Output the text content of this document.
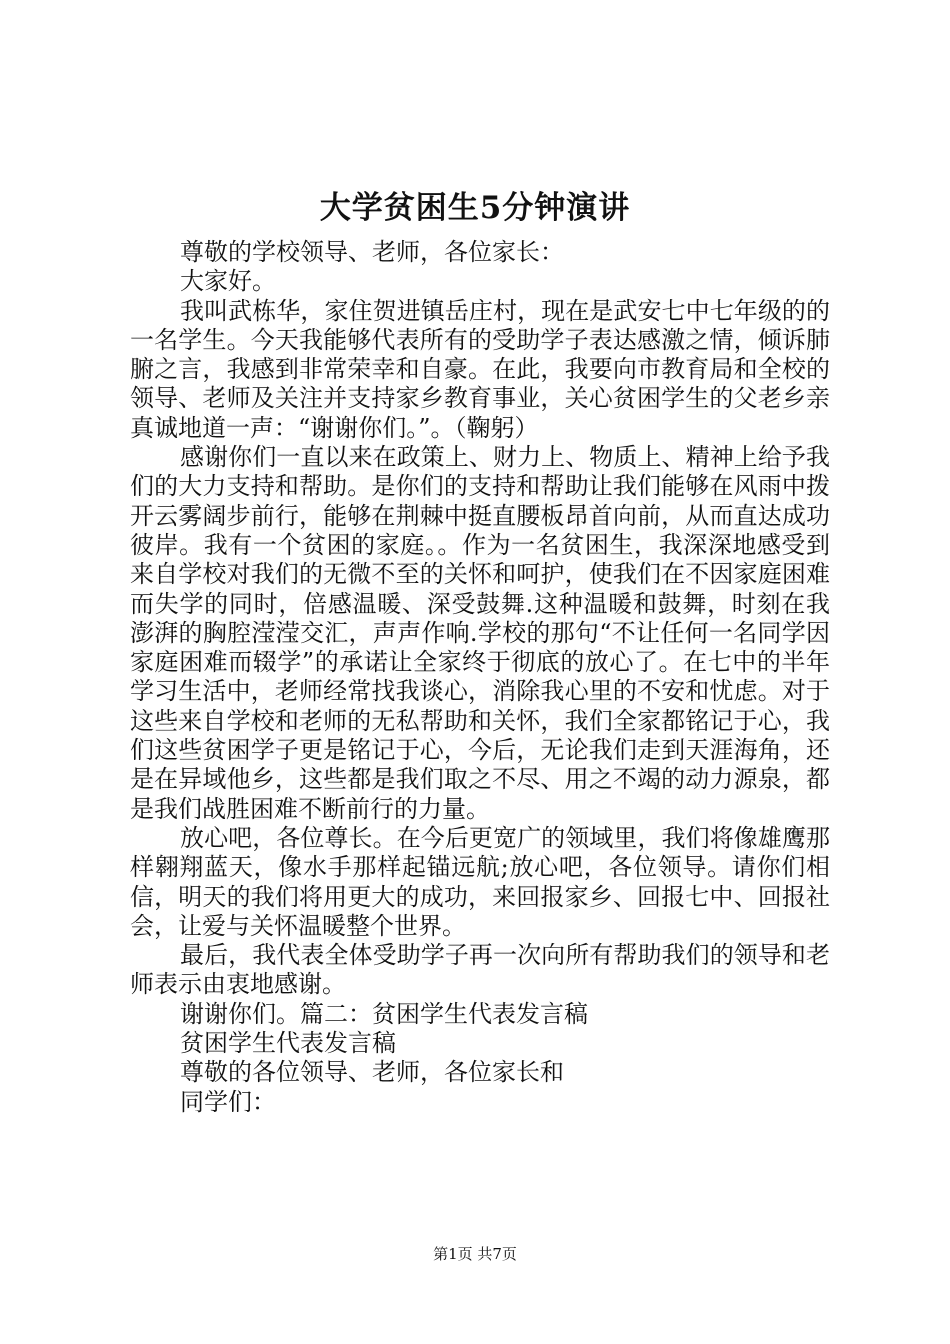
大学贫困生5分钟演讲

尊敬的学校领导、老师，各位家长：

大家好。

我叫武栋华，家住贺进镇岳庄村，现在是武安七中七年级的的一名学生。今天我能够代表所有的受助学子表达感激之情，倾诉肺腑之言，我感到非常荣幸和自豪。在此，我要向市教育局和全校的领导、老师及关注并支持家乡教育事业，关心贫困学生的父老乡亲真诚地道一声：“谢谢你们。”。（鞠躬）

感谢你们一直以来在政策上、财力上、物质上、精神上给予我们的大力支持和帮助。是你们的支持和帮助让我们能够在风雨中拨开云雾阔步前行，能够在荆棘中挺直腰板昂首向前，从而直达成功彼岸。我有一个贫困的家庭。。作为一名贫困生，我深深地感受到来自学校对我们的无微不至的关怀和呵护，使我们在不因家庭困难而失学的同时，倍感温暖、深受鼓舞.这种温暖和鼓舞，时刻在我澎湃的胸腔滢滢交汇，声声作响.学校的那句“不让任何一名同学因家庭困难而辍学”的承诺让全家终于彻底的放心了。在七中的半年学习生活中，老师经常找我谈心，消除我心里的不安和忧虑。对于这些来自学校和老师的无私帮助和关怀，我们全家都铭记于心，我们这些贫困学子更是铭记于心，今后，无论我们走到天涯海角，还是在异域他乡，这些都是我们取之不尽、用之不竭的动力源泉，都是我们战胜困难不断前行的力量。

放心吧，各位尊长。在今后更宽广的领域里，我们将像雄鹰那样翱翔蓝天，像水手那样起锚远航;放心吧，各位领导。请你们相信，明天的我们将用更大的成功，来回报家乡、回报七中、回报社会，让爱与关怀温暖整个世界。

最后，我代表全体受助学子再一次向所有帮助我们的领导和老师表示由衷地感谢。

谢谢你们。篇二：贫困学生代表发言稿

贫困学生代表发言稿

尊敬的各位领导、老师，各位家长和

同学们：

第1页 共7页
